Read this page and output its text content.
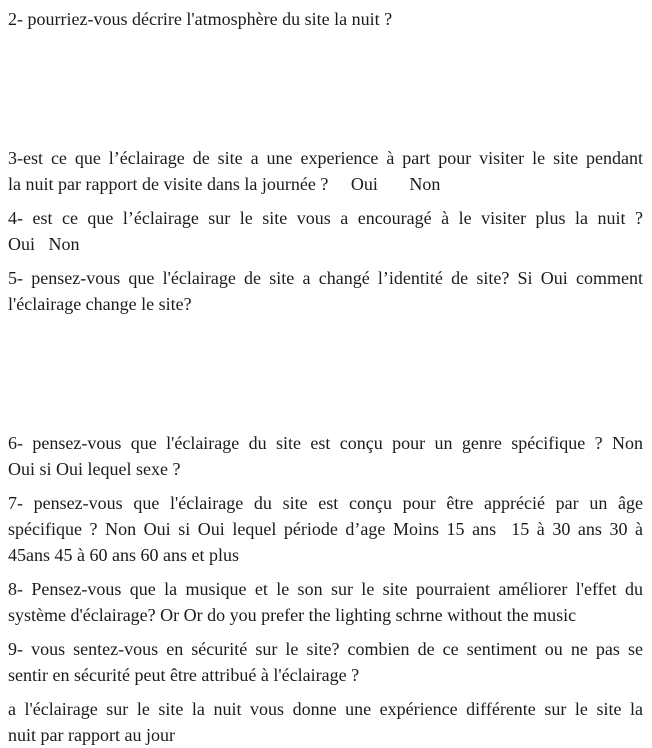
2- pourriez-vous décrire l'atmosphère du site la nuit ?

3-est ce que l’éclairage de site a une experience à part pour visiter le site pendant
la nuit par rapport de visite dans la journée ?     Oui       Non

4- est ce que l’éclairage sur le site vous a encouragé à le visiter plus la nuit ?
Oui   Non

5- pensez-vous que l'éclairage de site a changé l’identité de site? Si Oui comment
l'éclairage change le site?

6- pensez-vous que l'éclairage du site est conçu pour un genre spécifique ? Non
Oui si Oui lequel sexe ?

7- pensez-vous que l'éclairage du site est conçu pour être apprécié par un âge
spécifique ? Non Oui si Oui lequel période d’age Moins 15 ans  15 à 30 ans 30 à
45ans 45 à 60 ans 60 ans et plus

8- Pensez-vous que la musique et le son sur le site pourraient améliorer l'effet du
système d'éclairage? Or Or do you prefer the lighting schrne without the music

9- vous sentez-vous en sécurité sur le site? combien de ce sentiment ou ne pas se
sentir en sécurité peut être attribué à l'éclairage ?

a l'éclairage sur le site la nuit vous donne une expérience différente sur le site la
nuit par rapport au jour
